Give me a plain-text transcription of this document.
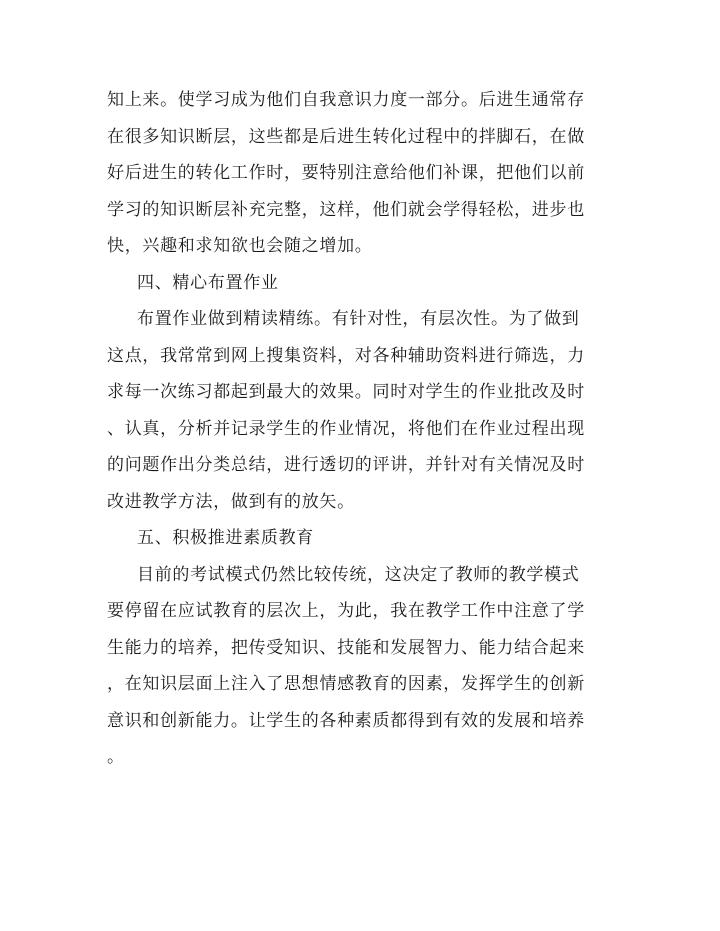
知上来。使学习成为他们自我意识力度一部分。后进生通常存
在很多知识断层，这些都是后进生转化过程中的拌脚石，在做
好后进生的转化工作时，要特别注意给他们补课，把他们以前
学习的知识断层补充完整，这样，他们就会学得轻松，进步也
快，兴趣和求知欲也会随之增加。
四、精心布置作业
布置作业做到精读精练。有针对性，有层次性。为了做到
这点，我常常到网上搜集资料，对各种辅助资料进行筛选，力
求每一次练习都起到最大的效果。同时对学生的作业批改及时
、认真，分析并记录学生的作业情况，将他们在作业过程出现
的问题作出分类总结，进行透切的评讲，并针对有关情况及时
改进教学方法，做到有的放矢。
五、积极推进素质教育
目前的考试模式仍然比较传统，这决定了教师的教学模式
要停留在应试教育的层次上，为此，我在教学工作中注意了学
生能力的培养，把传受知识、技能和发展智力、能力结合起来
，在知识层面上注入了思想情感教育的因素，发挥学生的创新
意识和创新能力。让学生的各种素质都得到有效的发展和培养
。
